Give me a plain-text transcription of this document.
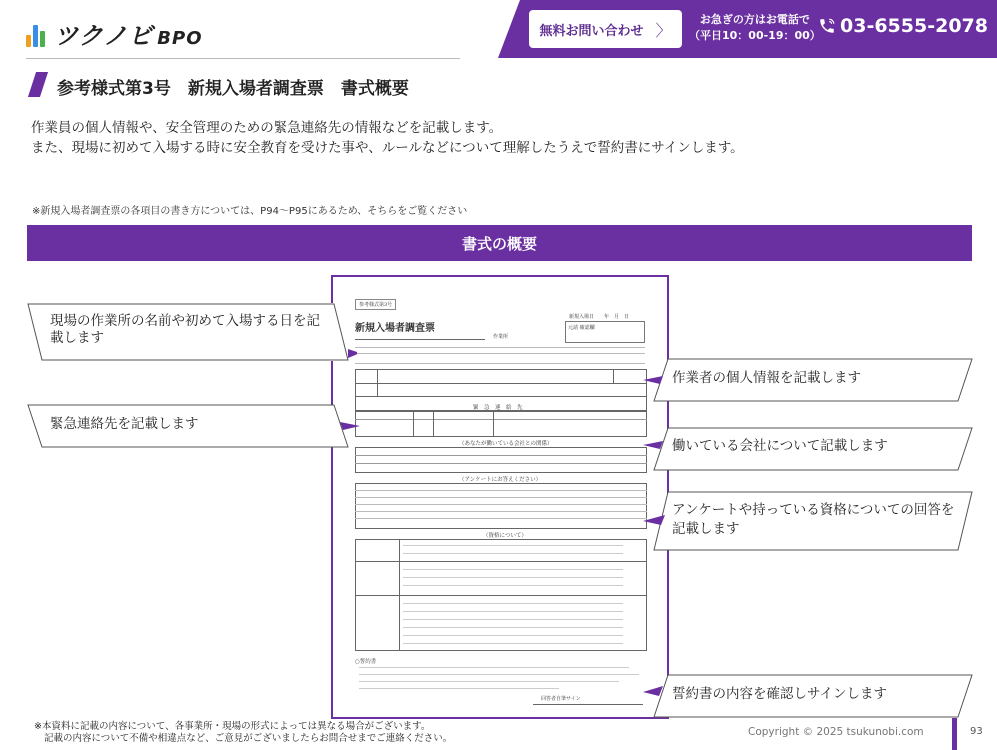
ツクノビ BPO	無料お問い合わせ 〉
お急ぎの方はお電話で
（平日10：00-19：00） 03-6555-2078
参考様式第3号　新規入場者調査票　書式概要
作業員の個人情報や、安全管理のための緊急連絡先の情報などを記載します。
また、現場に初めて入場する時に安全教育を受けた事や、ルールなどについて理解したうえで誓約書にサインします。
※新規入場者調査票の各項目の書き方については、P94～P95にあるため、そちらをご覧ください
書式の概要
参考様式第3号
新規入場者調査票
新規入場日　　年　月　日
元請 確認欄
作業所
緊　急　連　絡　先
（あなたが働いている会社との関係）
（アンケートにお答えください）
（資格について）
○誓約書
回答者自筆サイン
現場の作業所の名前や初めて入場する日を記載します
緊急連絡先を記載します
作業者の個人情報を記載します
働いている会社について記載します
アンケートや持っている資格についての回答を記載します
誓約書の内容を確認しサインします
※本資料に記載の内容について、各事業所・現場の形式によっては異なる場合がございます。
記載の内容について不備や相違点など、ご意見がございましたらお問合せまでご連絡ください。
Copyright © 2025 tsukunobi.com	93
